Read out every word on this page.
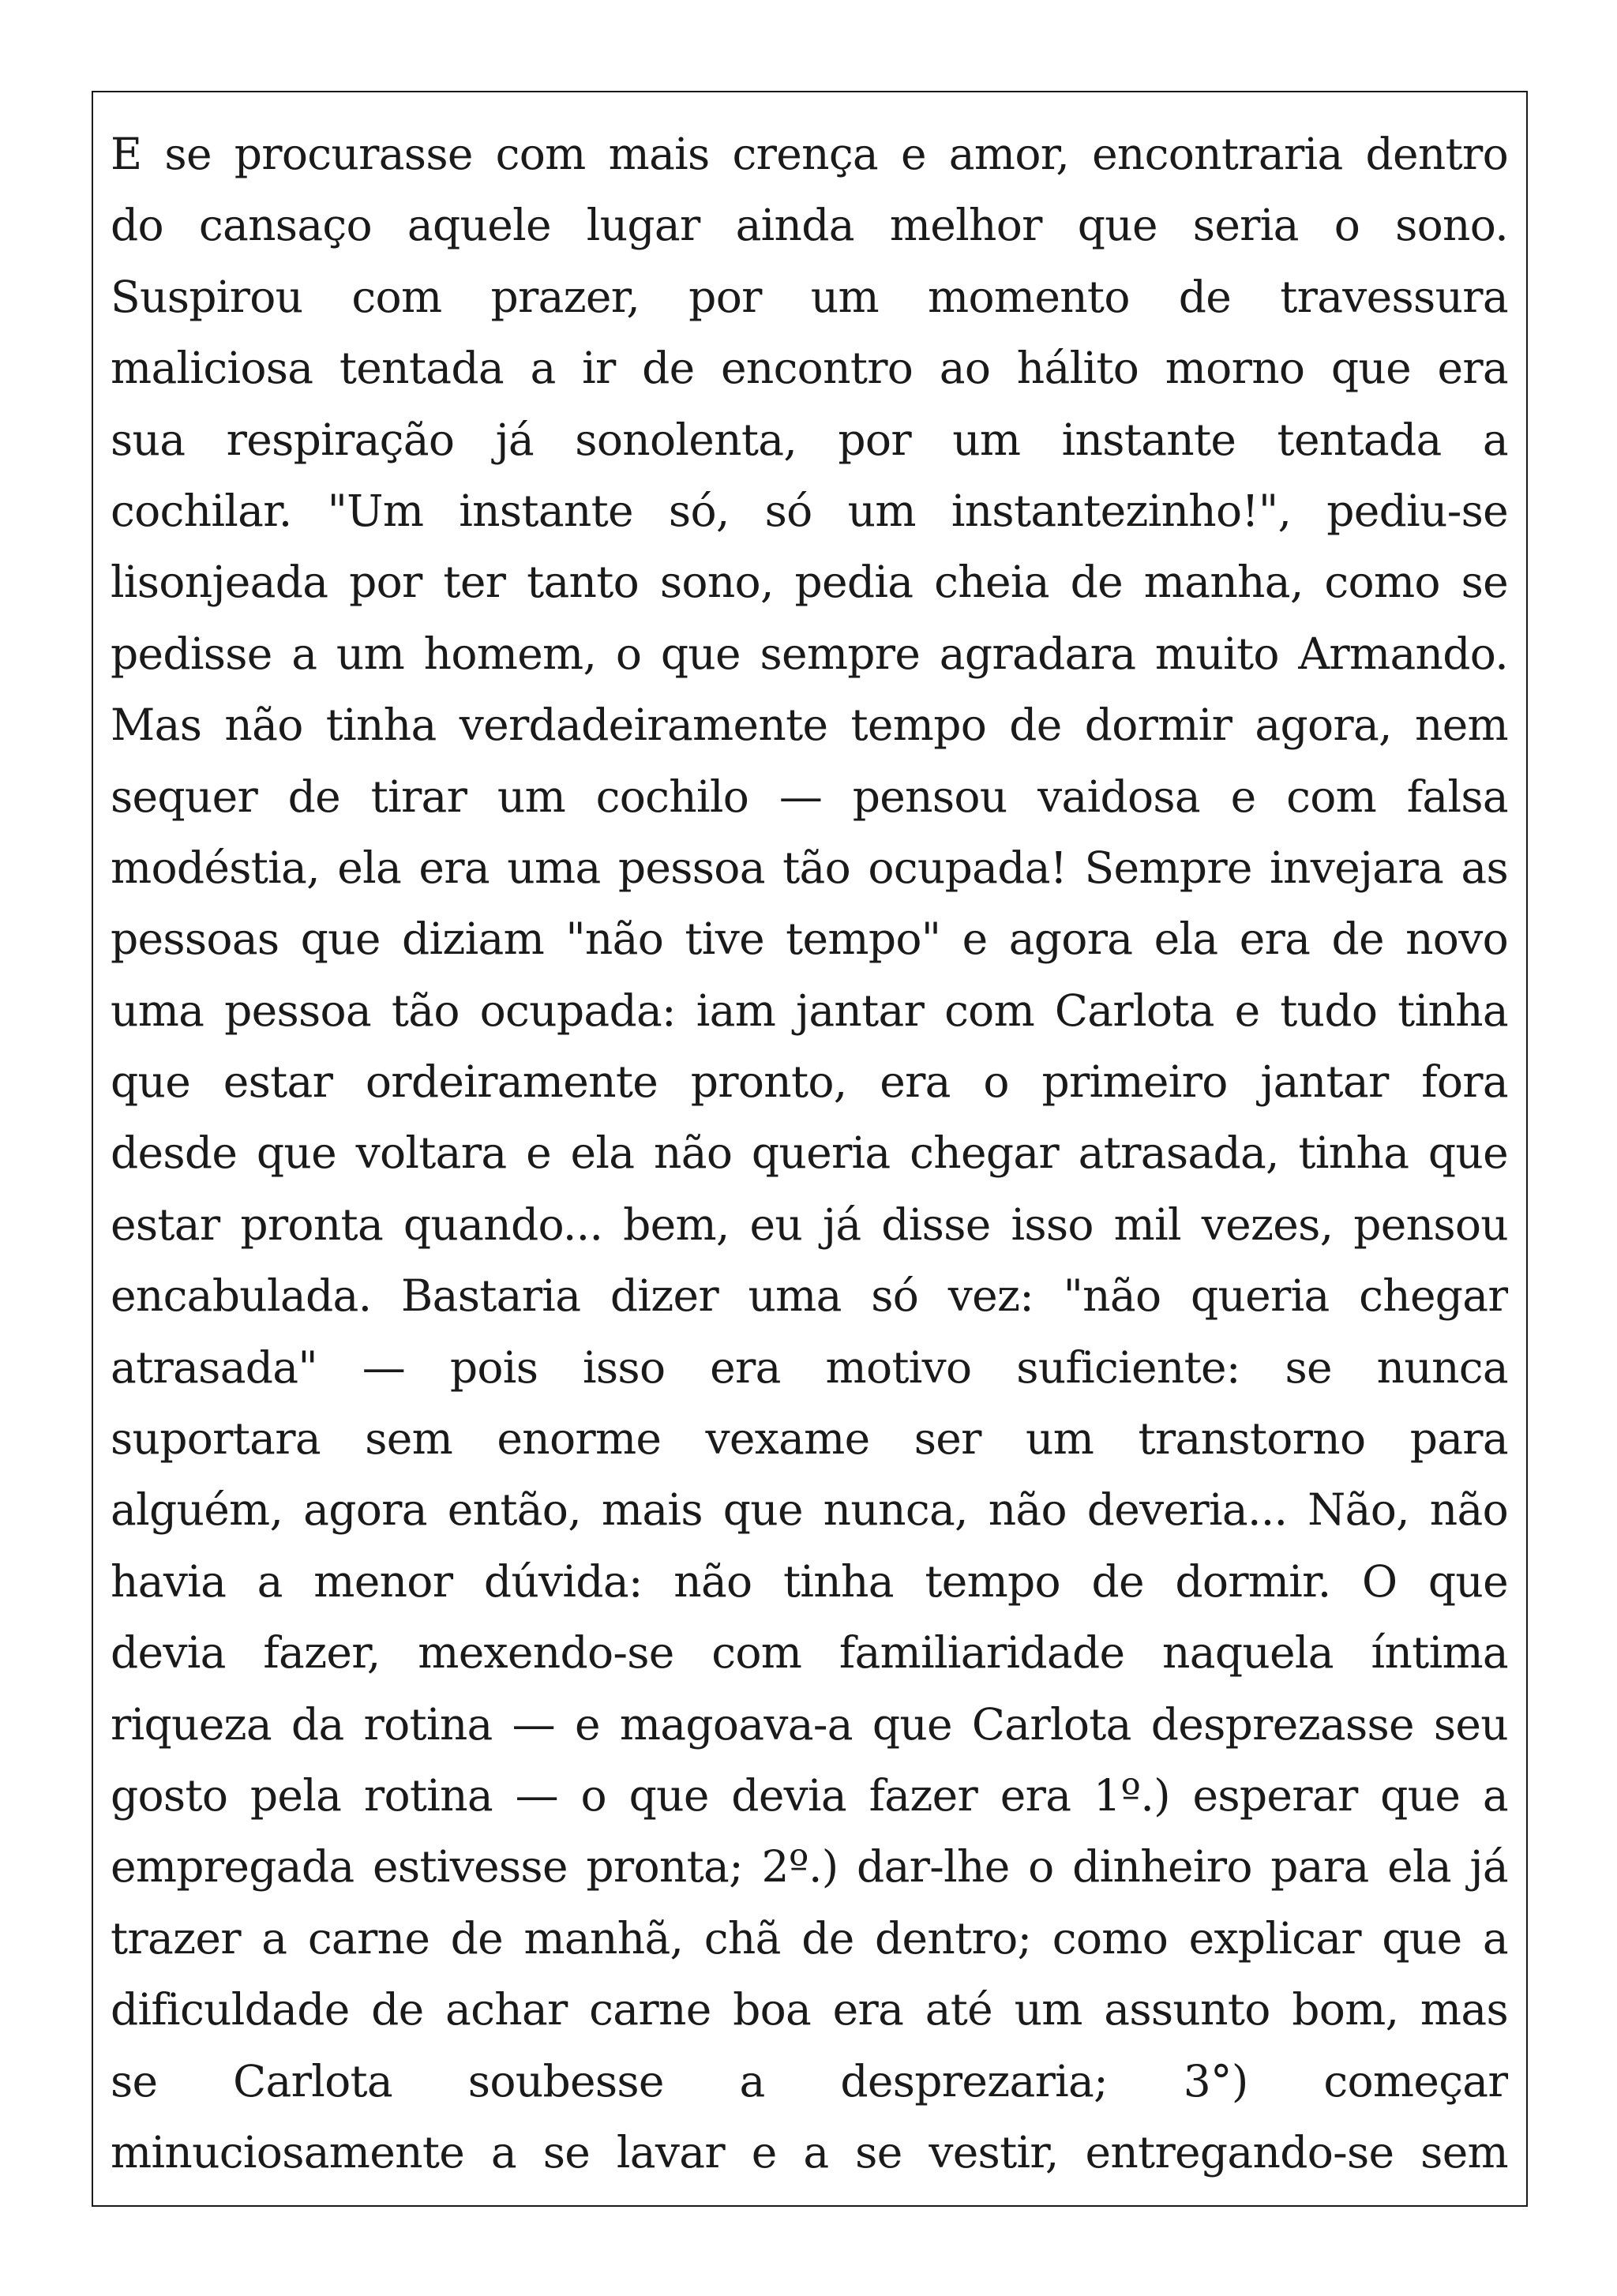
E se procurasse com mais crença e amor, encontraria dentro
do cansaço aquele lugar ainda melhor que seria o sono.
Suspirou com prazer, por um momento de travessura
maliciosa tentada a ir de encontro ao hálito morno que era
sua respiração já sonolenta, por um instante tentada a
cochilar. "Um instante só, só um instantezinho!", pediu-se
lisonjeada por ter tanto sono, pedia cheia de manha, como se
pedisse a um homem, o que sempre agradara muito Armando.
Mas não tinha verdadeiramente tempo de dormir agora, nem
sequer de tirar um cochilo — pensou vaidosa e com falsa
modéstia, ela era uma pessoa tão ocupada! Sempre invejara as
pessoas que diziam "não tive tempo" e agora ela era de novo
uma pessoa tão ocupada: iam jantar com Carlota e tudo tinha
que estar ordeiramente pronto, era o primeiro jantar fora
desde que voltara e ela não queria chegar atrasada, tinha que
estar pronta quando... bem, eu já disse isso mil vezes, pensou
encabulada. Bastaria dizer uma só vez: "não queria chegar
atrasada" — pois isso era motivo suficiente: se nunca
suportara sem enorme vexame ser um transtorno para
alguém, agora então, mais que nunca, não deveria... Não, não
havia a menor dúvida: não tinha tempo de dormir. O que
devia fazer, mexendo-se com familiaridade naquela íntima
riqueza da rotina — e magoava-a que Carlota desprezasse seu
gosto pela rotina — o que devia fazer era 1º.) esperar que a
empregada estivesse pronta; 2º.) dar-lhe o dinheiro para ela já
trazer a carne de manhã, chã de dentro; como explicar que a
dificuldade de achar carne boa era até um assunto bom, mas
se Carlota soubesse a desprezaria; 3°) começar
minuciosamente a se lavar e a se vestir, entregando-se sem
